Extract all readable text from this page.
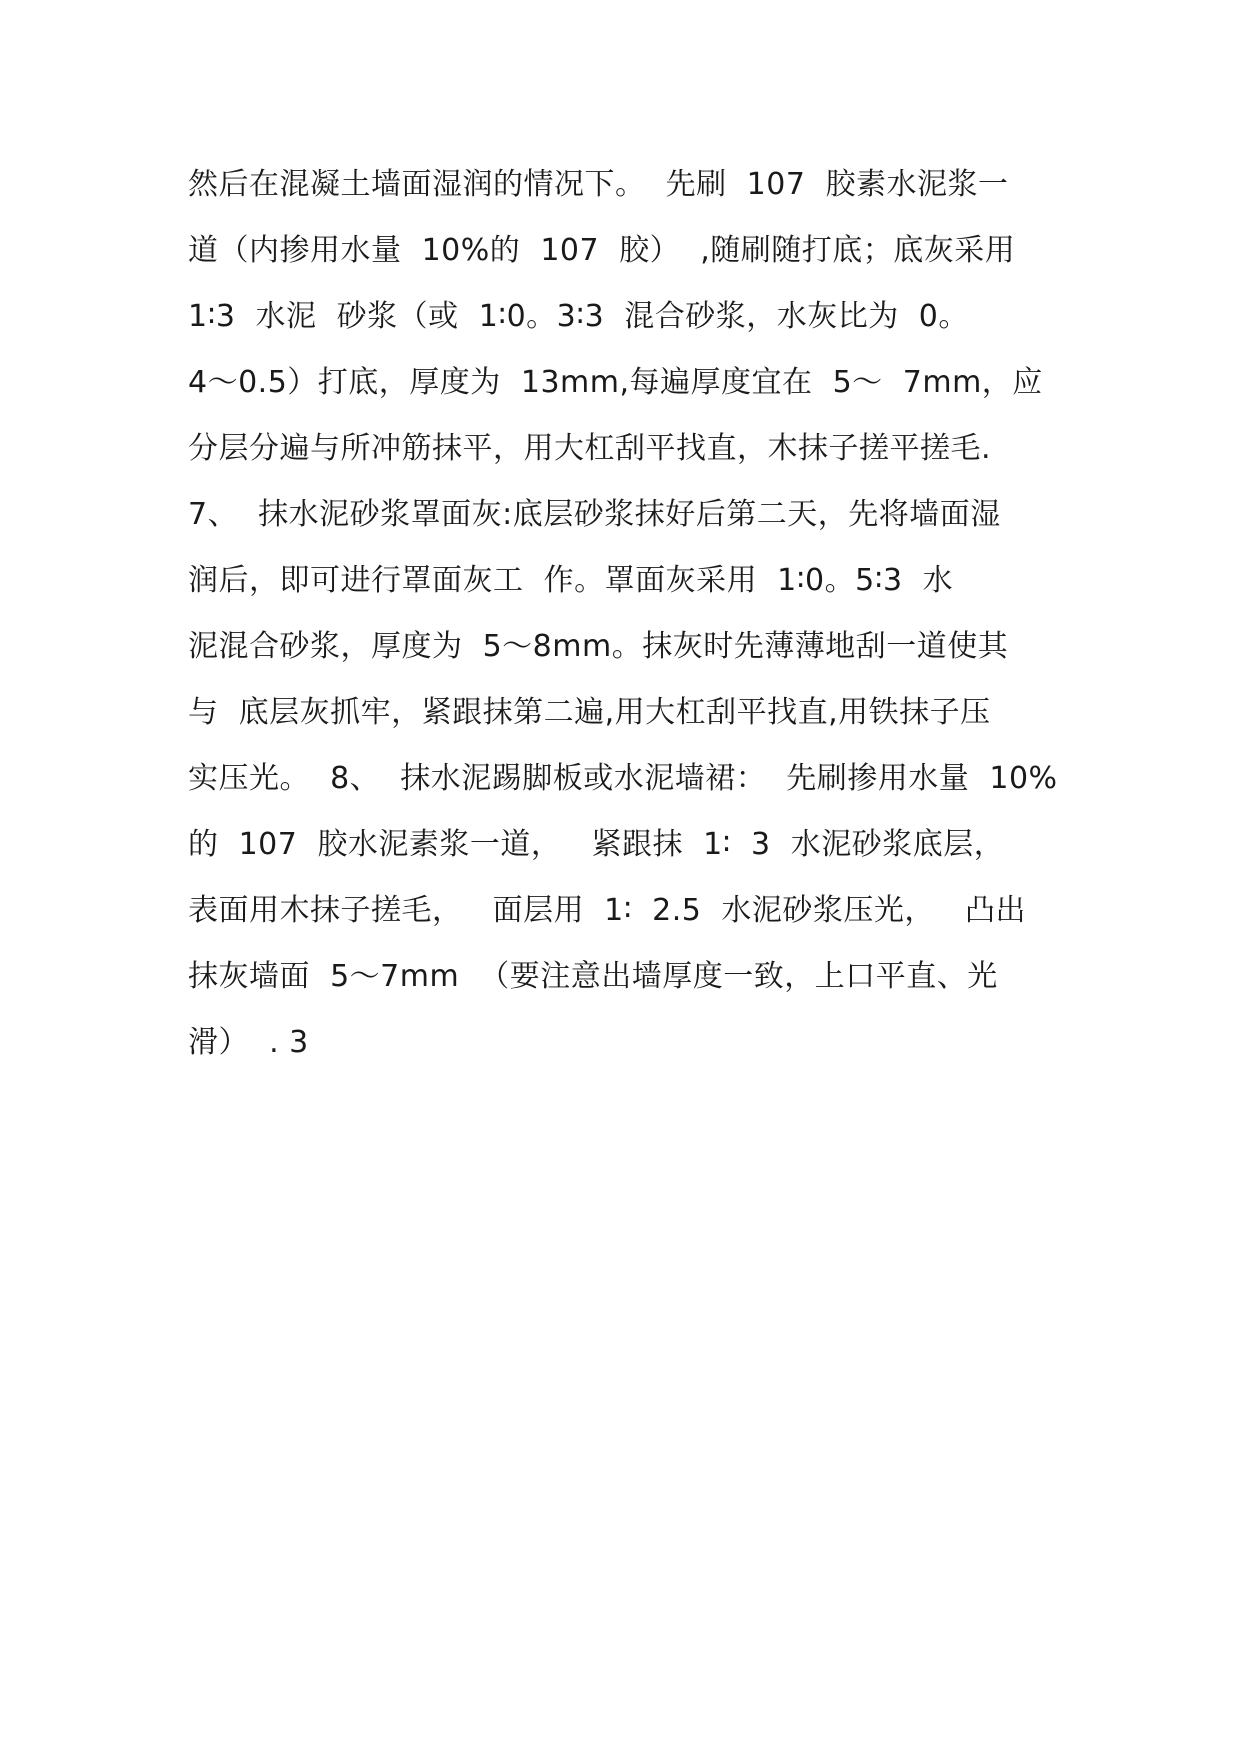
然后在混凝土墙面湿润的情况下。  先刷  107  胶素水泥浆一
道（内掺用水量  10%的  107  胶）  ,随刷随打底；底灰采用
1∶3  水泥  砂浆（或  1∶0。3∶3  混合砂浆，水灰比为  0。
4～0.5）打底，厚度为  13mm,每遍厚度宜在  5～  7mm，应
分层分遍与所冲筋抹平，用大杠刮平找直，木抹子搓平搓毛.
7、  抹水泥砂浆罩面灰:底层砂浆抹好后第二天，先将墙面湿
润后，即可进行罩面灰工  作。罩面灰采用  1∶0。5∶3  水
泥混合砂浆，厚度为  5～8mm。抹灰时先薄薄地刮一道使其
与  底层灰抓牢，紧跟抹第二遍,用大杠刮平找直,用铁抹子压
实压光。  8、  抹水泥踢脚板或水泥墙裙：  先刷掺用水量  10%
的  107  胶水泥素浆一道，   紧跟抹  1∶  3  水泥砂浆底层，
表面用木抹子搓毛，   面层用  1∶  2.5  水泥砂浆压光，   凸出
抹灰墙面  5～7mm  （要注意出墙厚度一致，上口平直、光
滑）  . 3
